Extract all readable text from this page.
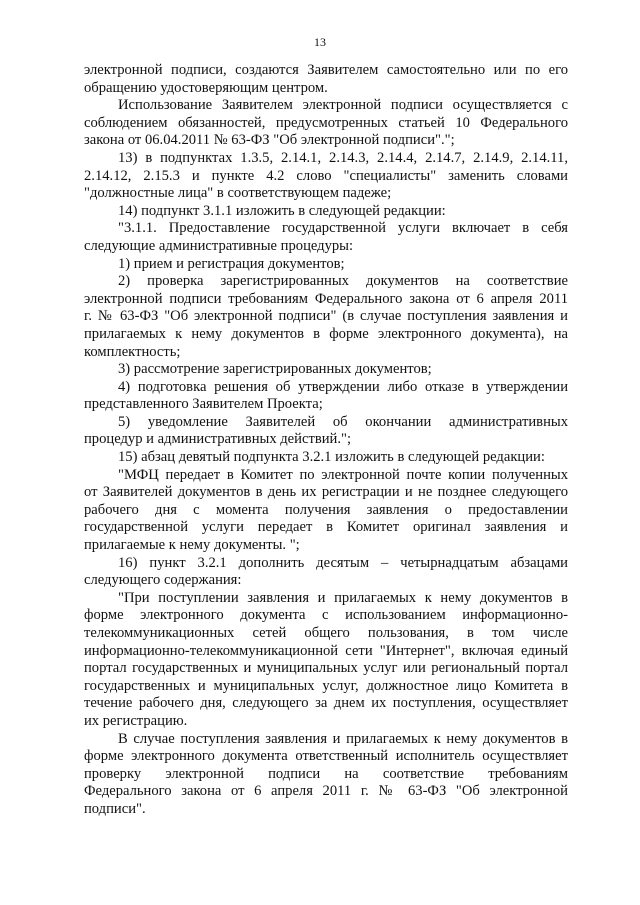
13
электронной подписи, создаются Заявителем самостоятельно или по его
обращению удостоверяющим центром.
Использование Заявителем электронной подписи осуществляется с
соблюдением обязанностей, предусмотренных статьей 10 Федерального
закона от 06.04.2011 № 63-ФЗ "Об электронной подписи".";
13) в подпунктах 1.3.5, 2.14.1, 2.14.3, 2.14.4, 2.14.7, 2.14.9, 2.14.11,
2.14.12, 2.15.3 и пункте 4.2 слово "специалисты" заменить словами
"должностные лица" в соответствующем падеже;
14) подпункт 3.1.1 изложить в следующей редакции:
"3.1.1. Предоставление государственной услуги включает в себя
следующие административные процедуры:
1) прием и регистрация документов;
2) проверка зарегистрированных документов на соответствие
электронной подписи требованиям Федерального закона от 6 апреля 2011
г. № 63-ФЗ "Об электронной подписи" (в случае поступления заявления и
прилагаемых к нему документов в форме электронного документа), на
комплектность;
3) рассмотрение зарегистрированных документов;
4) подготовка решения об утверждении либо отказе в утверждении
представленного Заявителем Проекта;
5) уведомление Заявителей об окончании административных
процедур и административных действий.";
15) абзац девятый подпункта 3.2.1 изложить в следующей редакции:
"МФЦ передает в Комитет по электронной почте копии полученных
от Заявителей документов в день их регистрации и не позднее следующего
рабочего дня с момента получения заявления о предоставлении
государственной услуги передает в Комитет оригинал заявления и
прилагаемые к нему документы. ";
16) пункт 3.2.1 дополнить десятым – четырнадцатым абзацами
следующего содержания:
"При поступлении заявления и прилагаемых к нему документов в
форме электронного документа с использованием информационно-
телекоммуникационных сетей общего пользования, в том числе
информационно-телекоммуникационной сети "Интернет", включая единый
портал государственных и муниципальных услуг или региональный портал
государственных и муниципальных услуг, должностное лицо Комитета в
течение рабочего дня, следующего за днем их поступления, осуществляет
их регистрацию.
В случае поступления заявления и прилагаемых к нему документов в
форме электронного документа ответственный исполнитель осуществляет
проверку электронной подписи на соответствие требованиям
Федерального закона от 6 апреля 2011 г. № 63-ФЗ "Об электронной
подписи".
